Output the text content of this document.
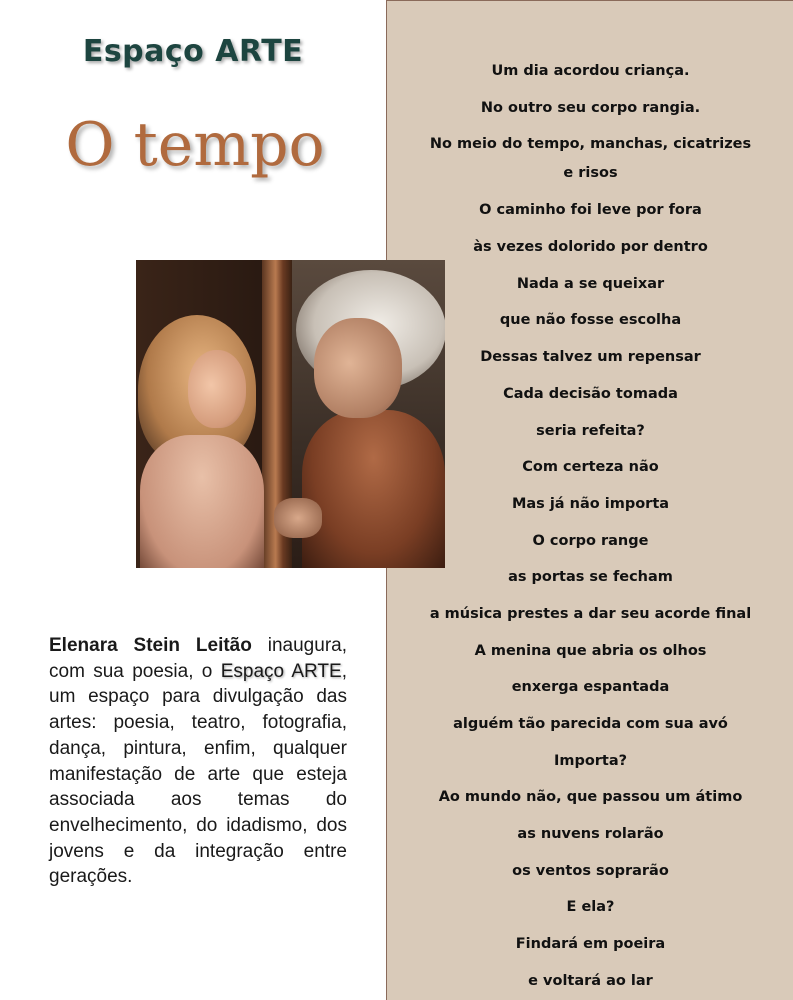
Um dia acordou criança.
No outro seu corpo rangia.
No meio do tempo, manchas, cicatrizes e risos
O caminho foi leve por fora
às vezes dolorido por dentro
Nada a se queixar
que não fosse escolha
Dessas talvez um repensar
Cada decisão tomada
seria refeita?
Com certeza não
Mas já não importa
O corpo range
as portas se fecham
a música prestes a dar seu acorde final
A menina que abria os olhos
enxerga espantada
alguém tão parecida com sua avó
Importa?
Ao mundo não, que passou um átimo
as nuvens rolarão
os ventos soprarão
E ela?
Findará em poeira
e voltará ao lar
Espaço ARTE
O tempo

Elenara Stein Leitão inaugura, com sua poesia, o Espaço ARTE, um espaço para divulgação das artes: poesia, teatro, fotografia, dança, pintura, enfim, qualquer manifestação de arte que esteja associada aos temas do envelhecimento, do idadismo, dos jovens e da integração entre gerações.
